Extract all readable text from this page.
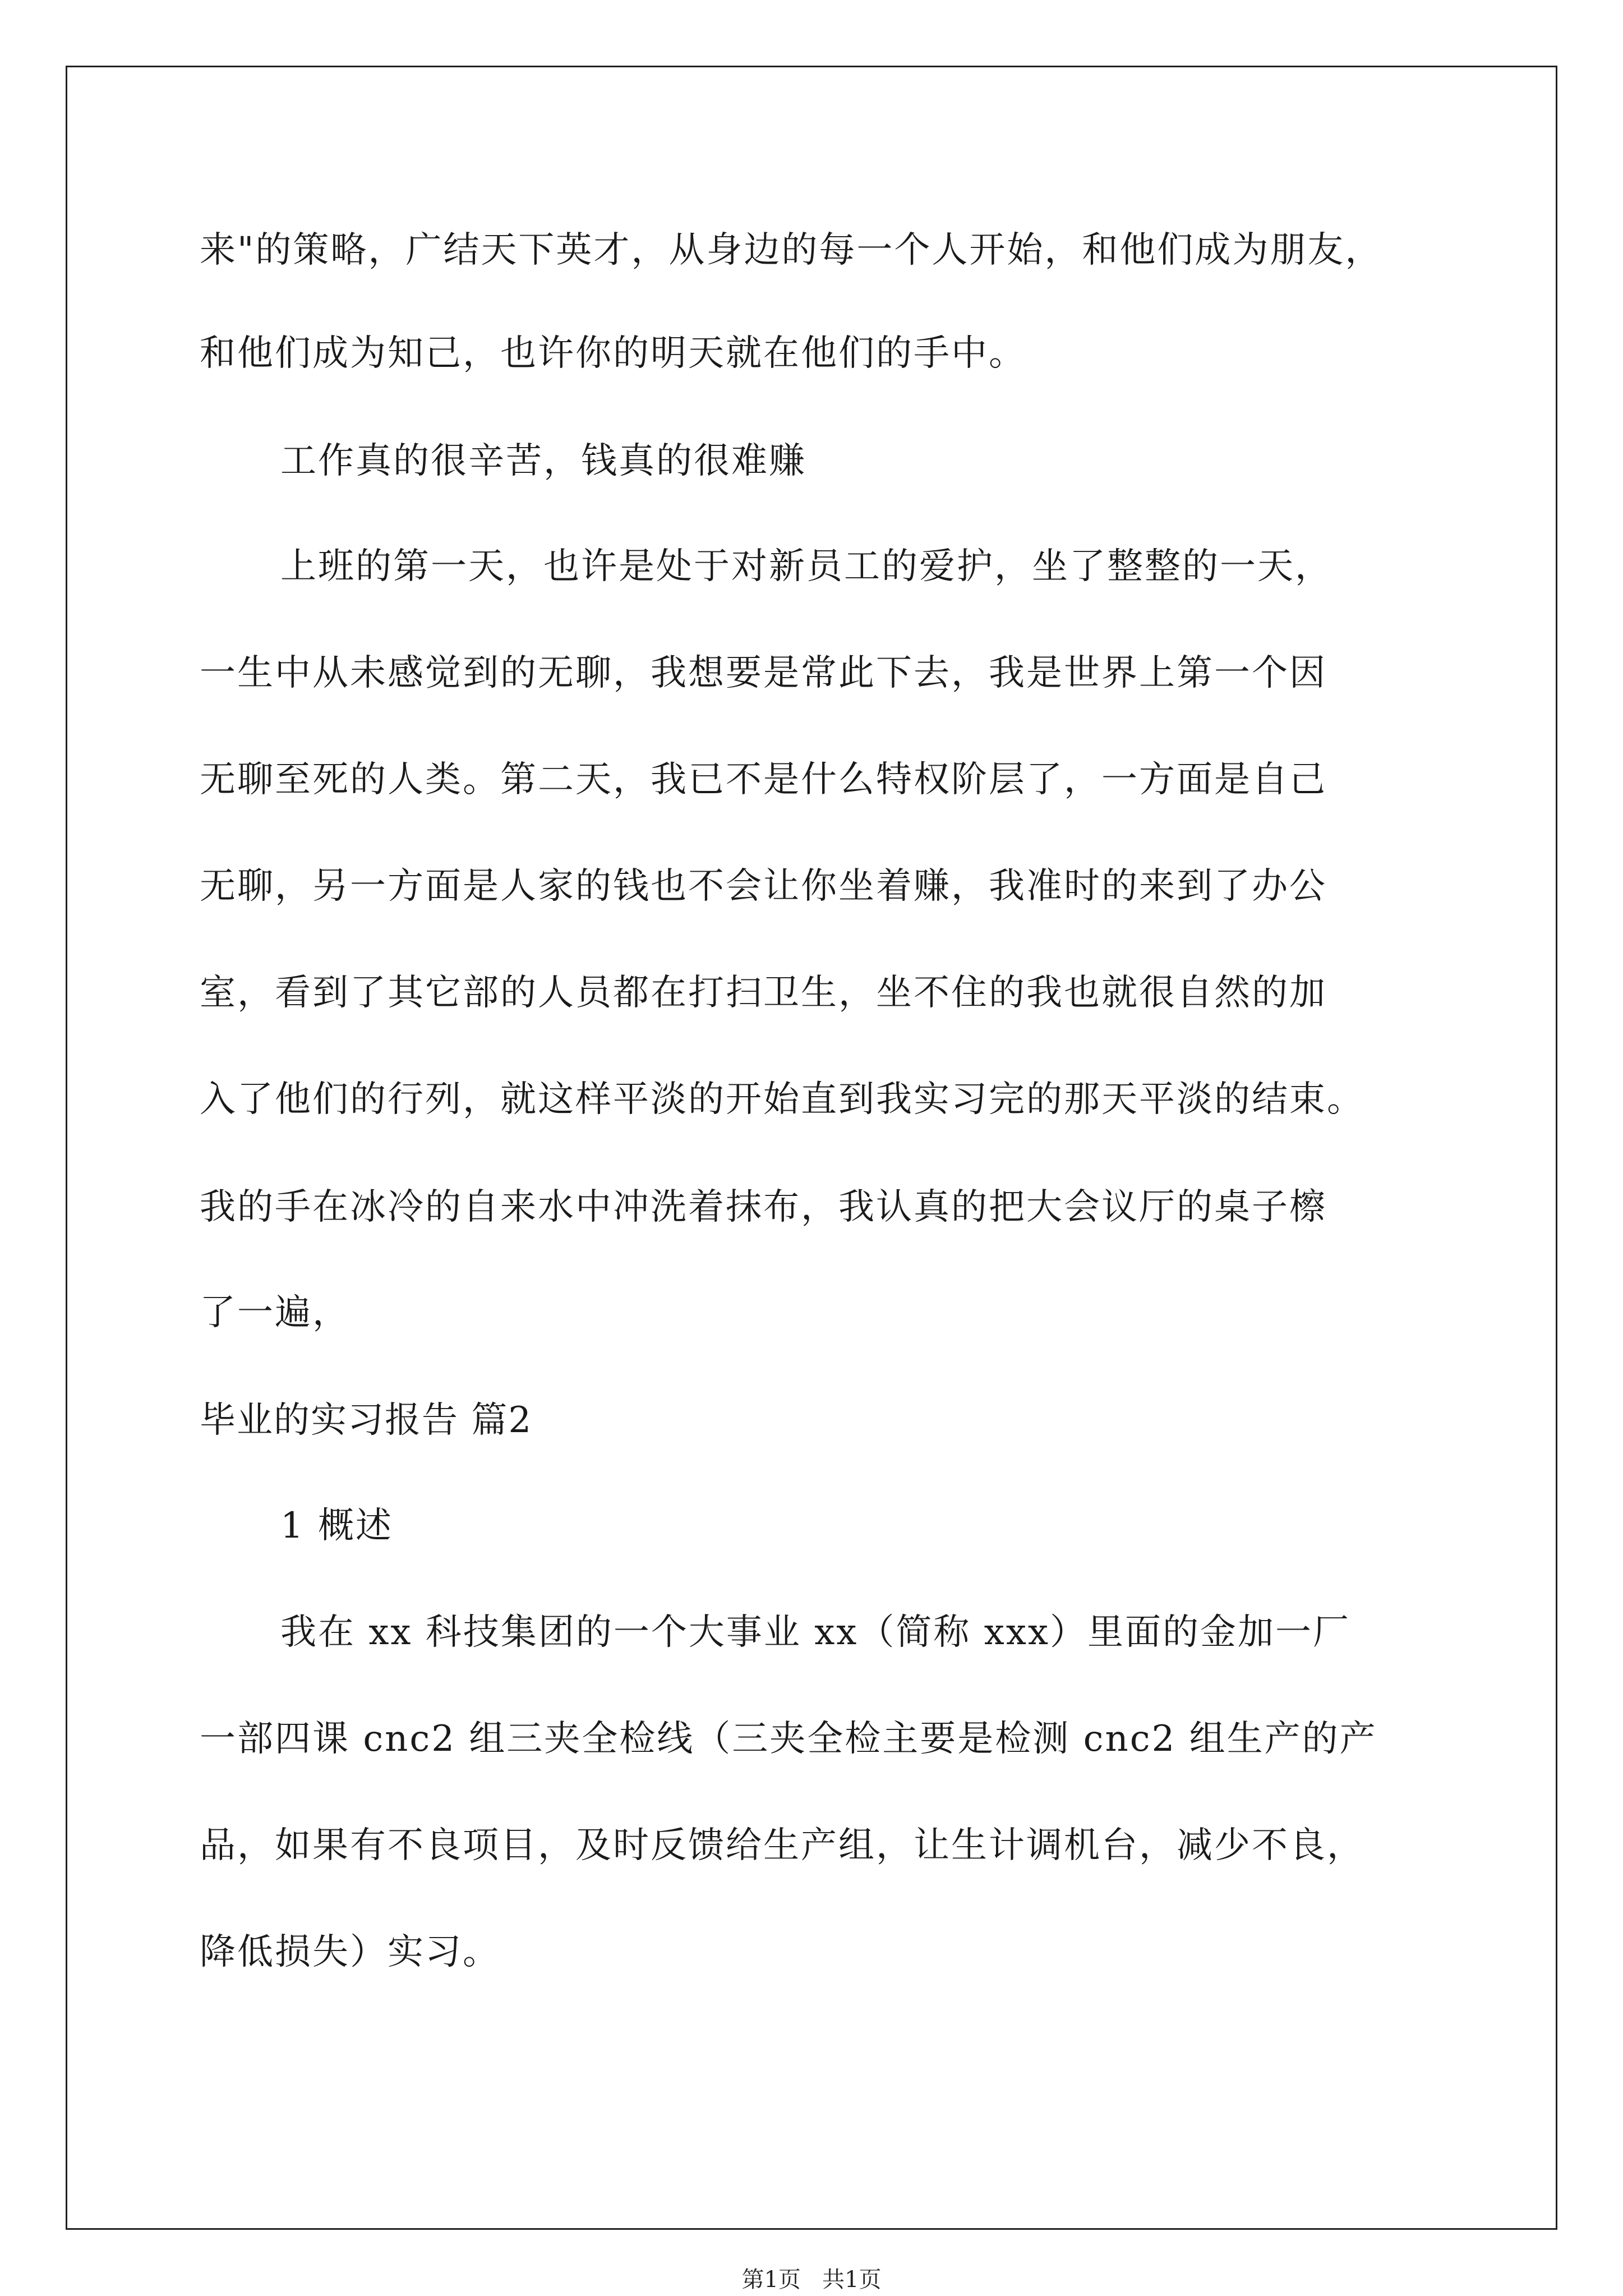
来"的策略，广结天下英才，从身边的每一个人开始，和他们成为朋友，
和他们成为知己，也许你的明天就在他们的手中。
工作真的很辛苦，钱真的很难赚
上班的第一天，也许是处于对新员工的爱护，坐了整整的一天，
一生中从未感觉到的无聊，我想要是常此下去，我是世界上第一个因
无聊至死的人类。第二天，我已不是什么特权阶层了，一方面是自己
无聊，另一方面是人家的钱也不会让你坐着赚，我准时的来到了办公
室，看到了其它部的人员都在打扫卫生，坐不住的我也就很自然的加
入了他们的行列，就这样平淡的开始直到我实习完的那天平淡的结束。
我的手在冰冷的自来水中冲洗着抹布，我认真的把大会议厅的桌子檫
了一遍，
毕业的实习报告 篇2
1 概述
我在 xx 科技集团的一个大事业 xx（简称 xxx）里面的金加一厂
一部四课 cnc2 组三夹全检线（三夹全检主要是检测 cnc2 组生产的产
品，如果有不良项目，及时反馈给生产组，让生计调机台，减少不良，
降低损失）实习。
第1页   共1页
